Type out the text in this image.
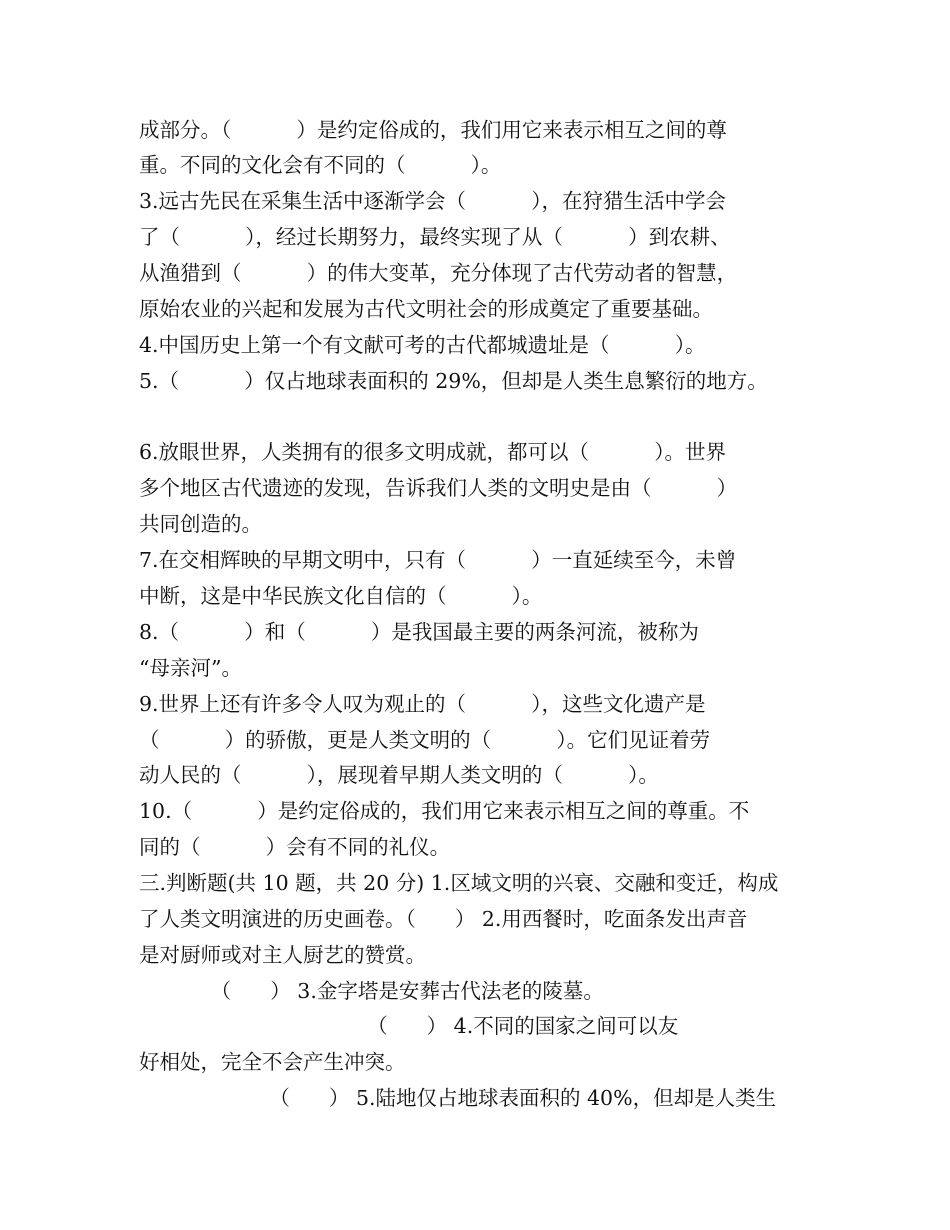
成部分。（          ）是约定俗成的，我们用它来表示相互之间的尊
重。不同的文化会有不同的（          ）。
3.远古先民在采集生活中逐渐学会（          ），在狩猎生活中学会
了（          ），经过长期努力，最终实现了从（          ）到农耕、
从渔猎到（          ）的伟大变革，充分体现了古代劳动者的智慧，
原始农业的兴起和发展为古代文明社会的形成奠定了重要基础。
4.中国历史上第一个有文献可考的古代都城遗址是（          ）。
5.（          ）仅占地球表面积的 29%，但却是人类生息繁衍的地方。
6.放眼世界，人类拥有的很多文明成就，都可以（          ）。世界
多个地区古代遗迹的发现，告诉我们人类的文明史是由（          ）
共同创造的。
7.在交相辉映的早期文明中，只有（          ）一直延续至今，未曾
中断，这是中华民族文化自信的（          ）。
8.（          ）和（          ）是我国最主要的两条河流，被称为
“母亲河”。
9.世界上还有许多令人叹为观止的（          ），这些文化遗产是
（          ）的骄傲，更是人类文明的（          ）。它们见证着劳
动人民的（          ），展现着早期人类文明的（          ）。
10.（          ）是约定俗成的，我们用它来表示相互之间的尊重。不
同的（          ）会有不同的礼仪。
三.判断题(共 10 题，共 20 分) 1.区域文明的兴衰、交融和变迁，构成
了人类文明演进的历史画卷。（      ） 2.用西餐时，吃面条发出声音
是对厨师或对主人厨艺的赞赏。
（      ） 3.金字塔是安葬古代法老的陵墓。
（      ） 4.不同的国家之间可以友
好相处，完全不会产生冲突。
（      ） 5.陆地仅占地球表面积的 40%，但却是人类生
